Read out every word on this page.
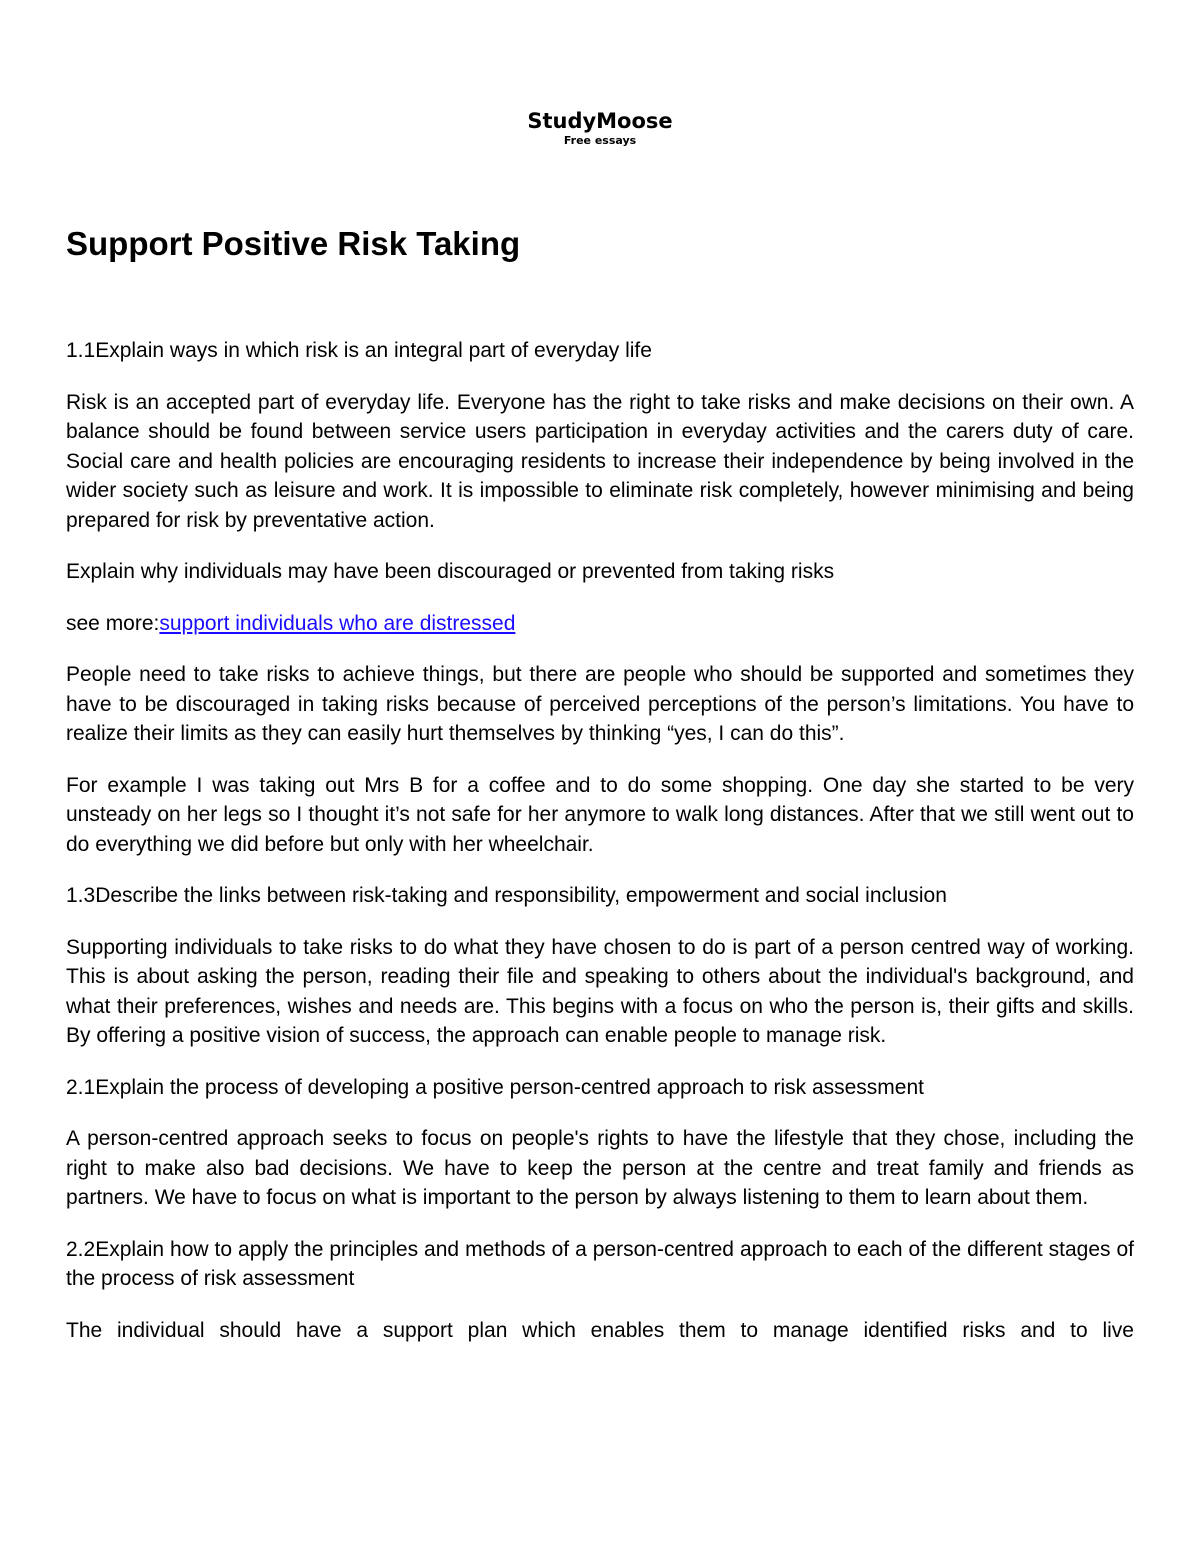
StudyMoose
Free essays
Support Positive Risk Taking

1.1Explain ways in which risk is an integral part of everyday life

Risk is an accepted part of everyday life. Everyone has the right to take risks and make decisions on their own. A balance should be found between service users participation in everyday activities and the carers duty of care. Social care and health policies are encouraging residents to increase their independence by being involved in the wider society such as leisure and work. It is impossible to eliminate risk completely, however minimising and being prepared for risk by preventative action.

Explain why individuals may have been discouraged or prevented from taking risks

see more:support individuals who are distressed

People need to take risks to achieve things, but there are people who should be supported and sometimes they have to be discouraged in taking risks because of perceived perceptions of the person’s limitations. You have to realize their limits as they can easily hurt themselves by thinking “yes, I can do this”.

For example I was taking out Mrs B for a coffee and to do some shopping. One day she started to be very unsteady on her legs so I thought it’s not safe for her anymore to walk long distances. After that we still went out to do everything we did before but only with her wheelchair.

1.3Describe the links between risk-taking and responsibility, empowerment and social inclusion

Supporting individuals to take risks to do what they have chosen to do is part of a person centred way of working. This is about asking the person, reading their file and speaking to others about the individual's background, and what their preferences, wishes and needs are. This begins with a focus on who the person is, their gifts and skills. By offering a positive vision of success, the approach can enable people to manage risk.

2.1Explain the process of developing a positive person-centred approach to risk assessment

A person-centred approach seeks to focus on people's rights to have the lifestyle that they chose, including the right to make also bad decisions. We have to keep the person at the centre and treat family and friends as partners. We have to focus on what is important to the person by always listening to them to learn about them.

2.2Explain how to apply the principles and methods of a person-centred approach to each of the different stages of the process of risk assessment

The individual should have a support plan which enables them to manage identified risks and to live
